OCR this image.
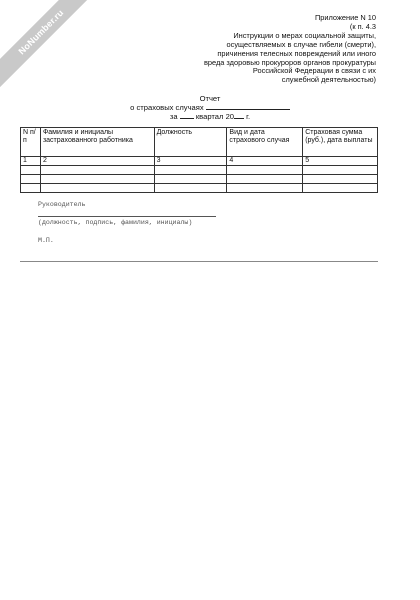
NoNumber.ru	Приложение N 10
(к п. 4.3
Инструкции о мерах социальной защиты,
осуществляемых в случае гибели (смерти),
причинения телесных повреждений или иного
вреда здоровью прокуроров органов прокуратуры
Российской Федерации в связи с их
служебной деятельностью)
Отчет
о страховых случаях
за квартал 20 г.
N п/п	Фамилия и инициалы застрахованного работника	Должность	Вид и дата страхового случая	Страховая сумма (руб.), дата выплаты
1	2	3	4	5

Руководитель
(должность, подпись, фамилия, инициалы)
М.П.
